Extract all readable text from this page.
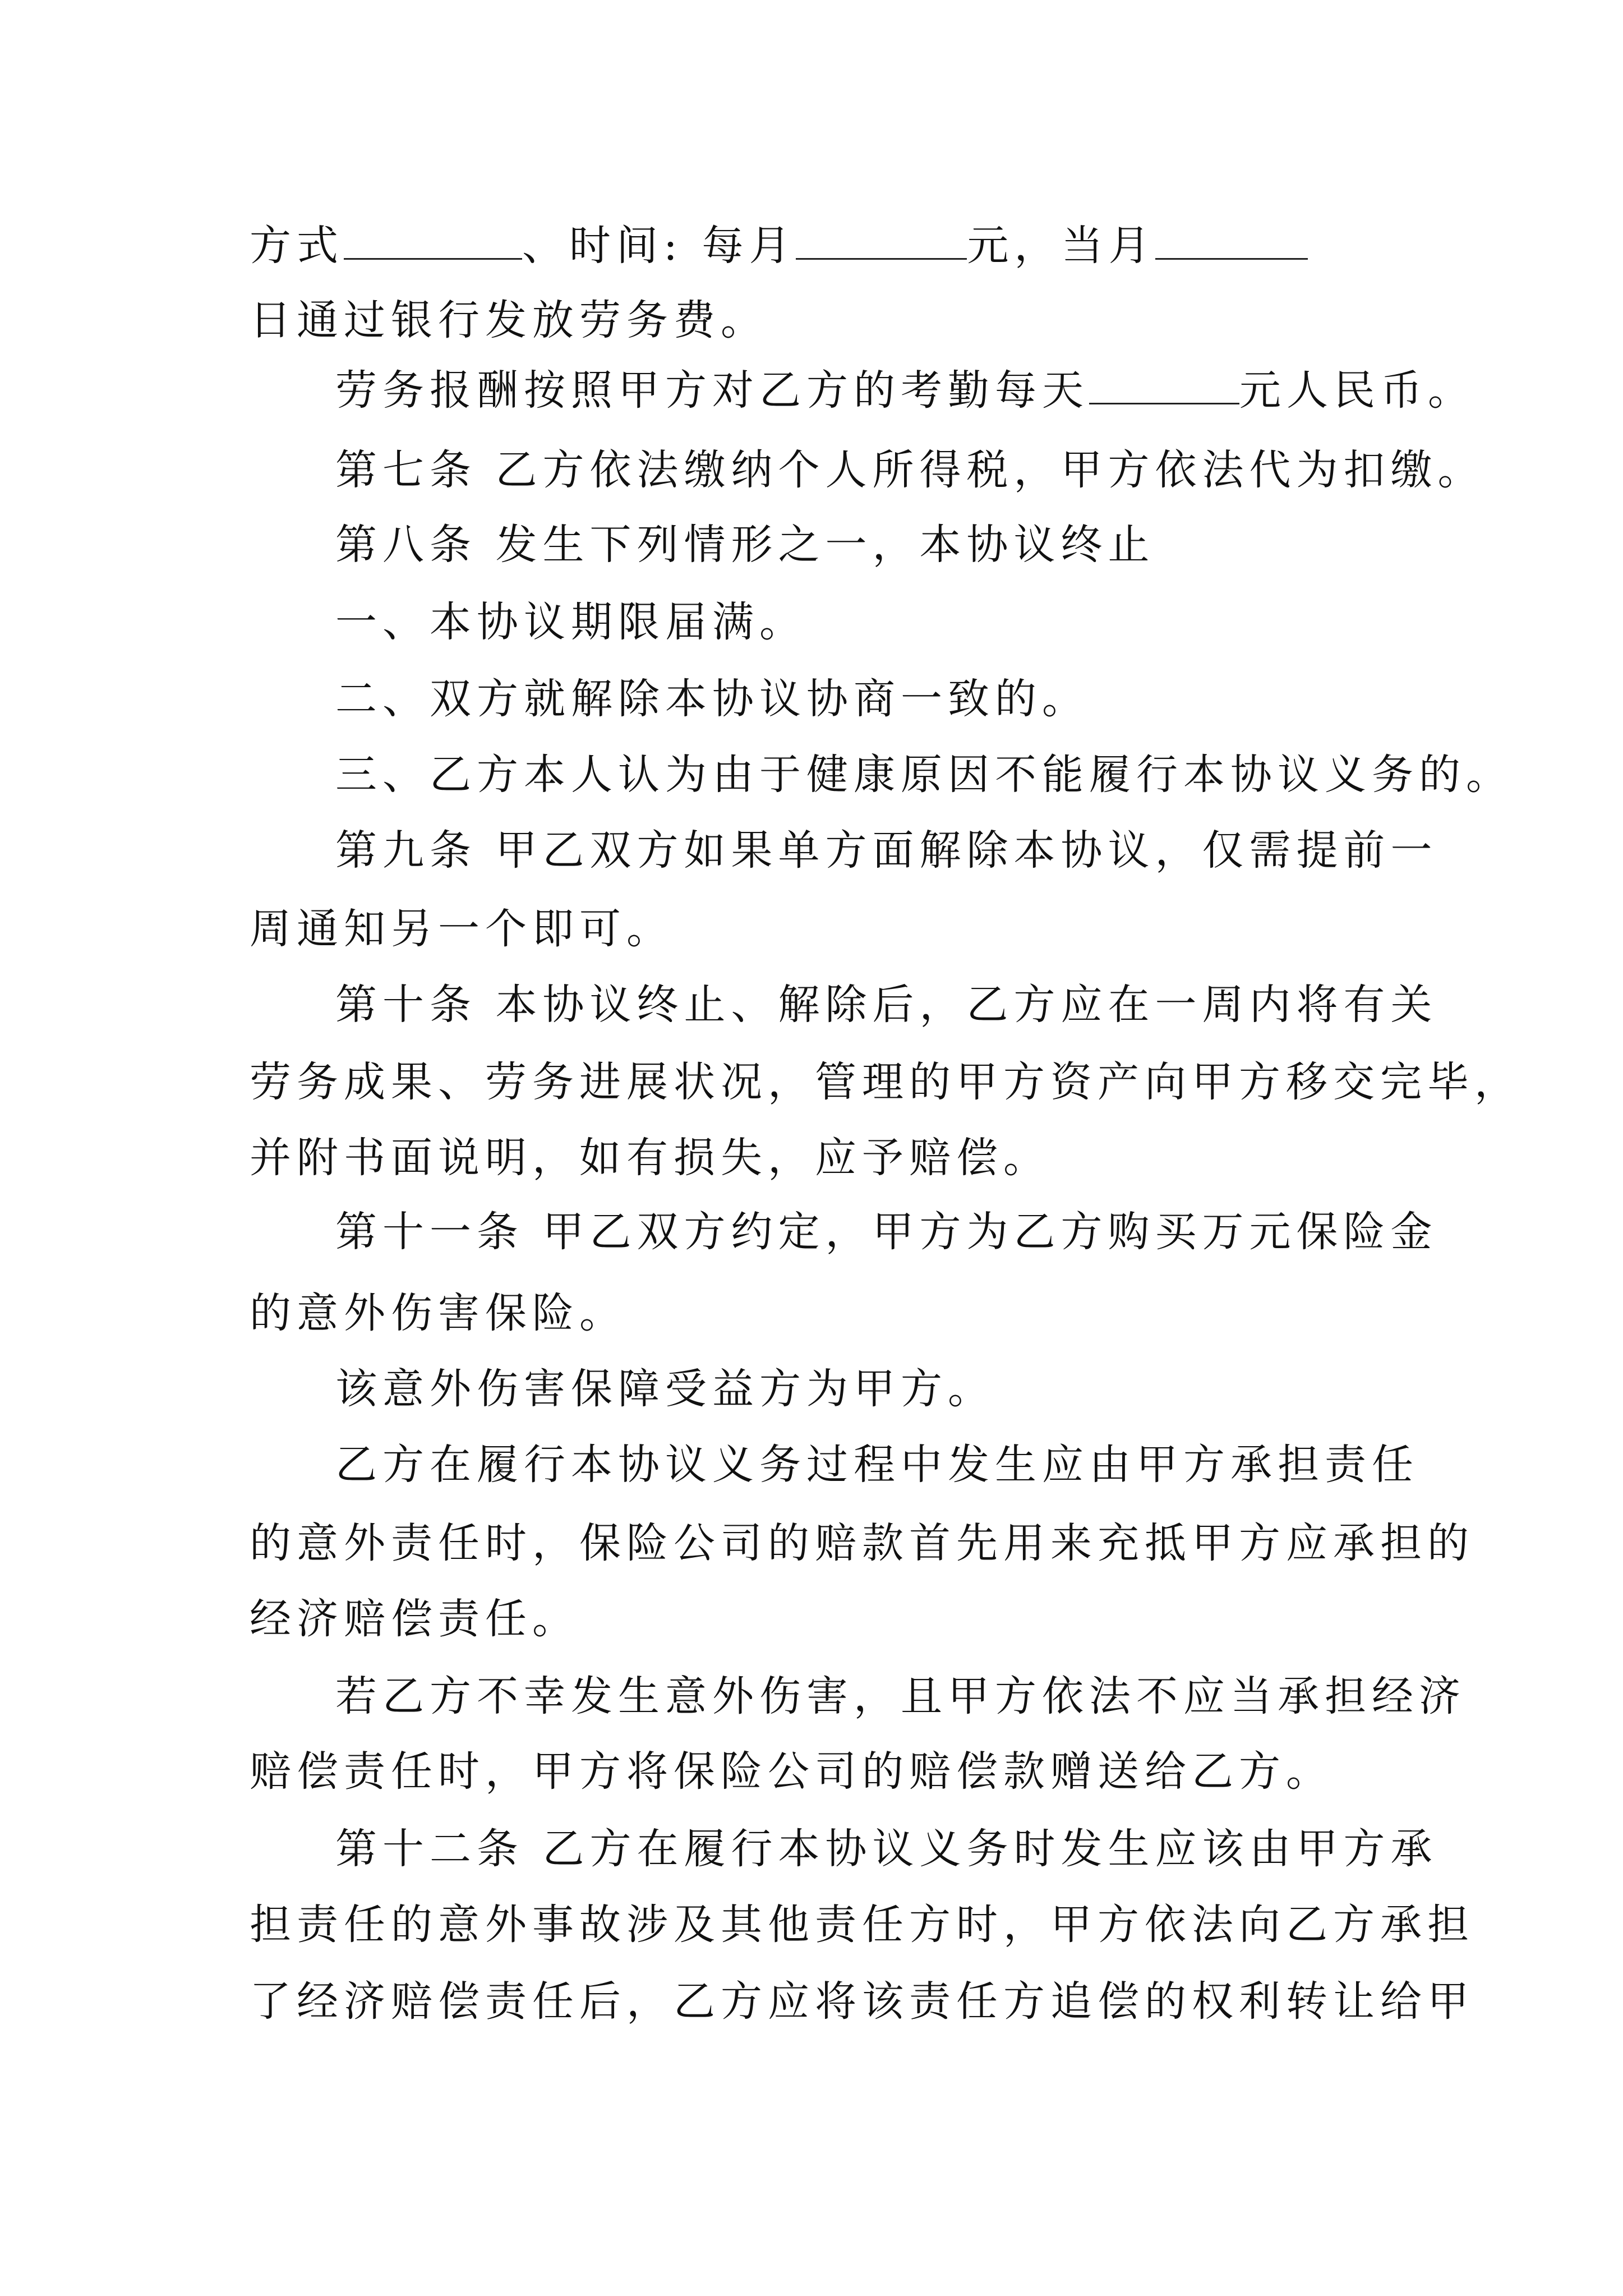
方式	、时间: 每月	元，当月
日通过银行发放劳务费。
劳务报酬按照甲方对乙方的考勤每天	元人民币。
第七条 乙方依法缴纳个人所得税，甲方依法代为扣缴。
第八条 发生下列情形之一，本协议终止
一、本协议期限届满。
二、双方就解除本协议协商一致的。
三、乙方本人认为由于健康原因不能履行本协议义务的。
第九条 甲乙双方如果单方面解除本协议，仅需提前一
周通知另一个即可。
第十条 本协议终止、解除后，乙方应在一周内将有关
劳务成果、劳务进展状况，管理的甲方资产向甲方移交完毕，
并附书面说明，如有损失，应予赔偿。
第十一条 甲乙双方约定，甲方为乙方购买万元保险金
的意外伤害保险。
该意外伤害保障受益方为甲方。
乙方在履行本协议义务过程中发生应由甲方承担责任
的意外责任时，保险公司的赔款首先用来充抵甲方应承担的
经济赔偿责任。
若乙方不幸发生意外伤害，且甲方依法不应当承担经济
赔偿责任时，甲方将保险公司的赔偿款赠送给乙方。
第十二条 乙方在履行本协议义务时发生应该由甲方承
担责任的意外事故涉及其他责任方时，甲方依法向乙方承担
了经济赔偿责任后，乙方应将该责任方追偿的权利转让给甲
